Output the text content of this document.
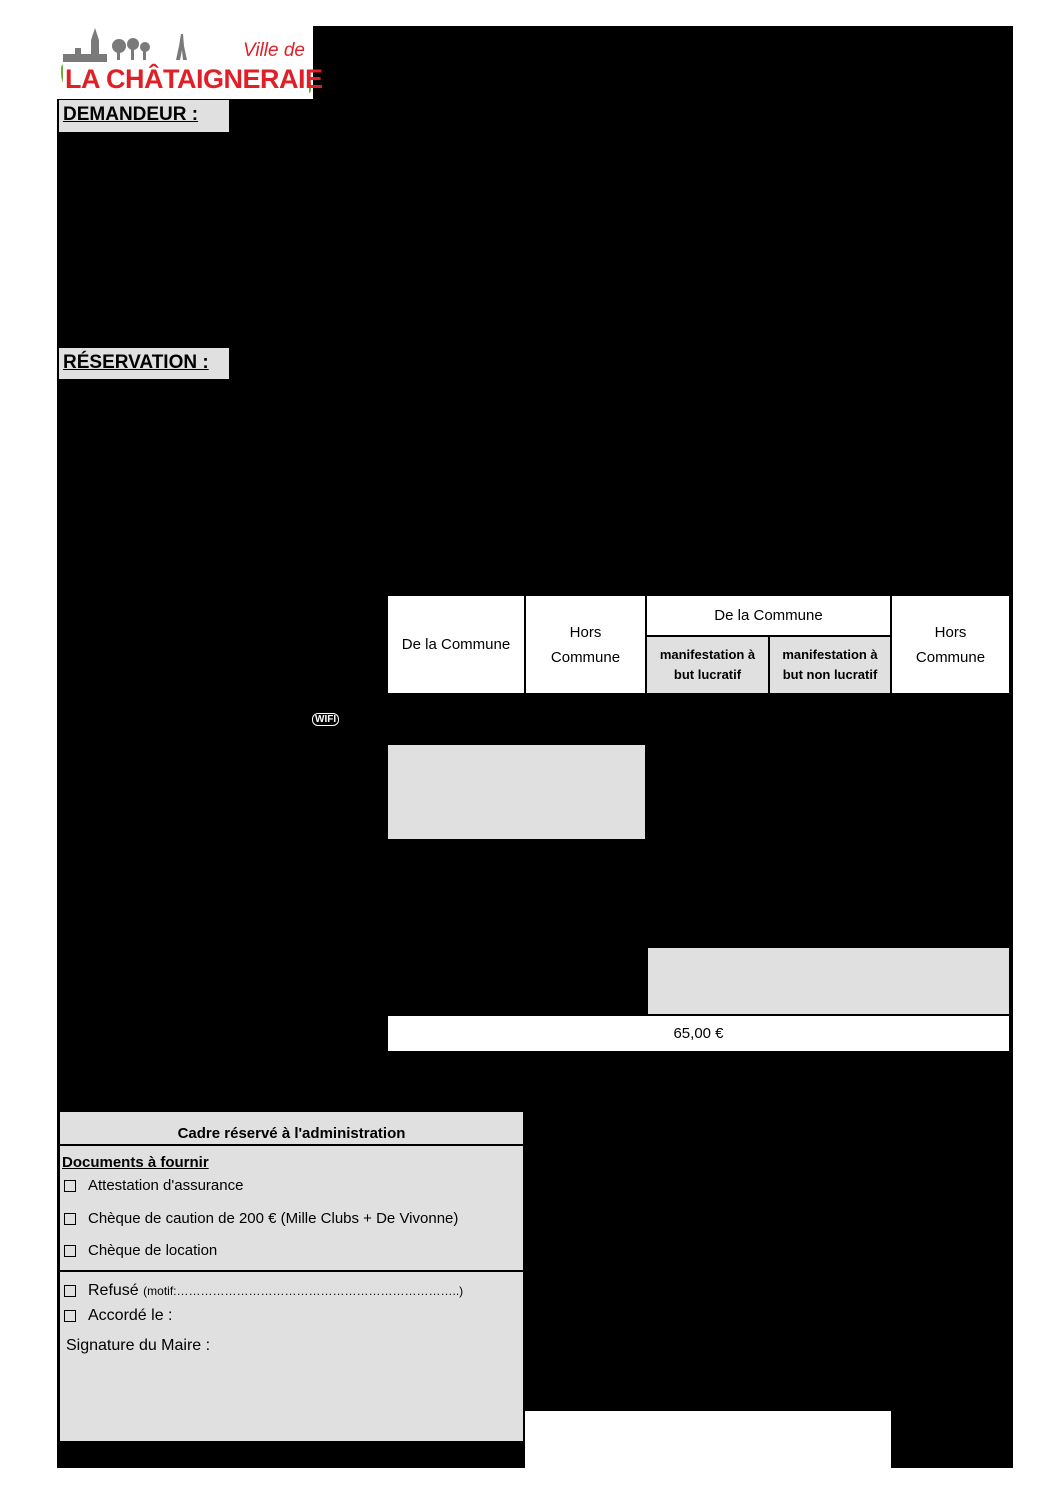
Ville de
LA CHÂTAIGNERAIE
DEMANDEUR :
RÉSERVATION :
De la Commune
Hors
Commune
De la Commune
manifestation à
but lucratif
manifestation à
but non lucratif
Hors
Commune
WIFI
65,00 €
Cadre réservé à l'administration
Documents à fournir
Attestation d'assurance
Chèque de caution de 200 € (Mille Clubs + De Vivonne)
Chèque de location
Refusé (motif:……………………………………………………………..)
Accordé le :
Signature du Maire :
